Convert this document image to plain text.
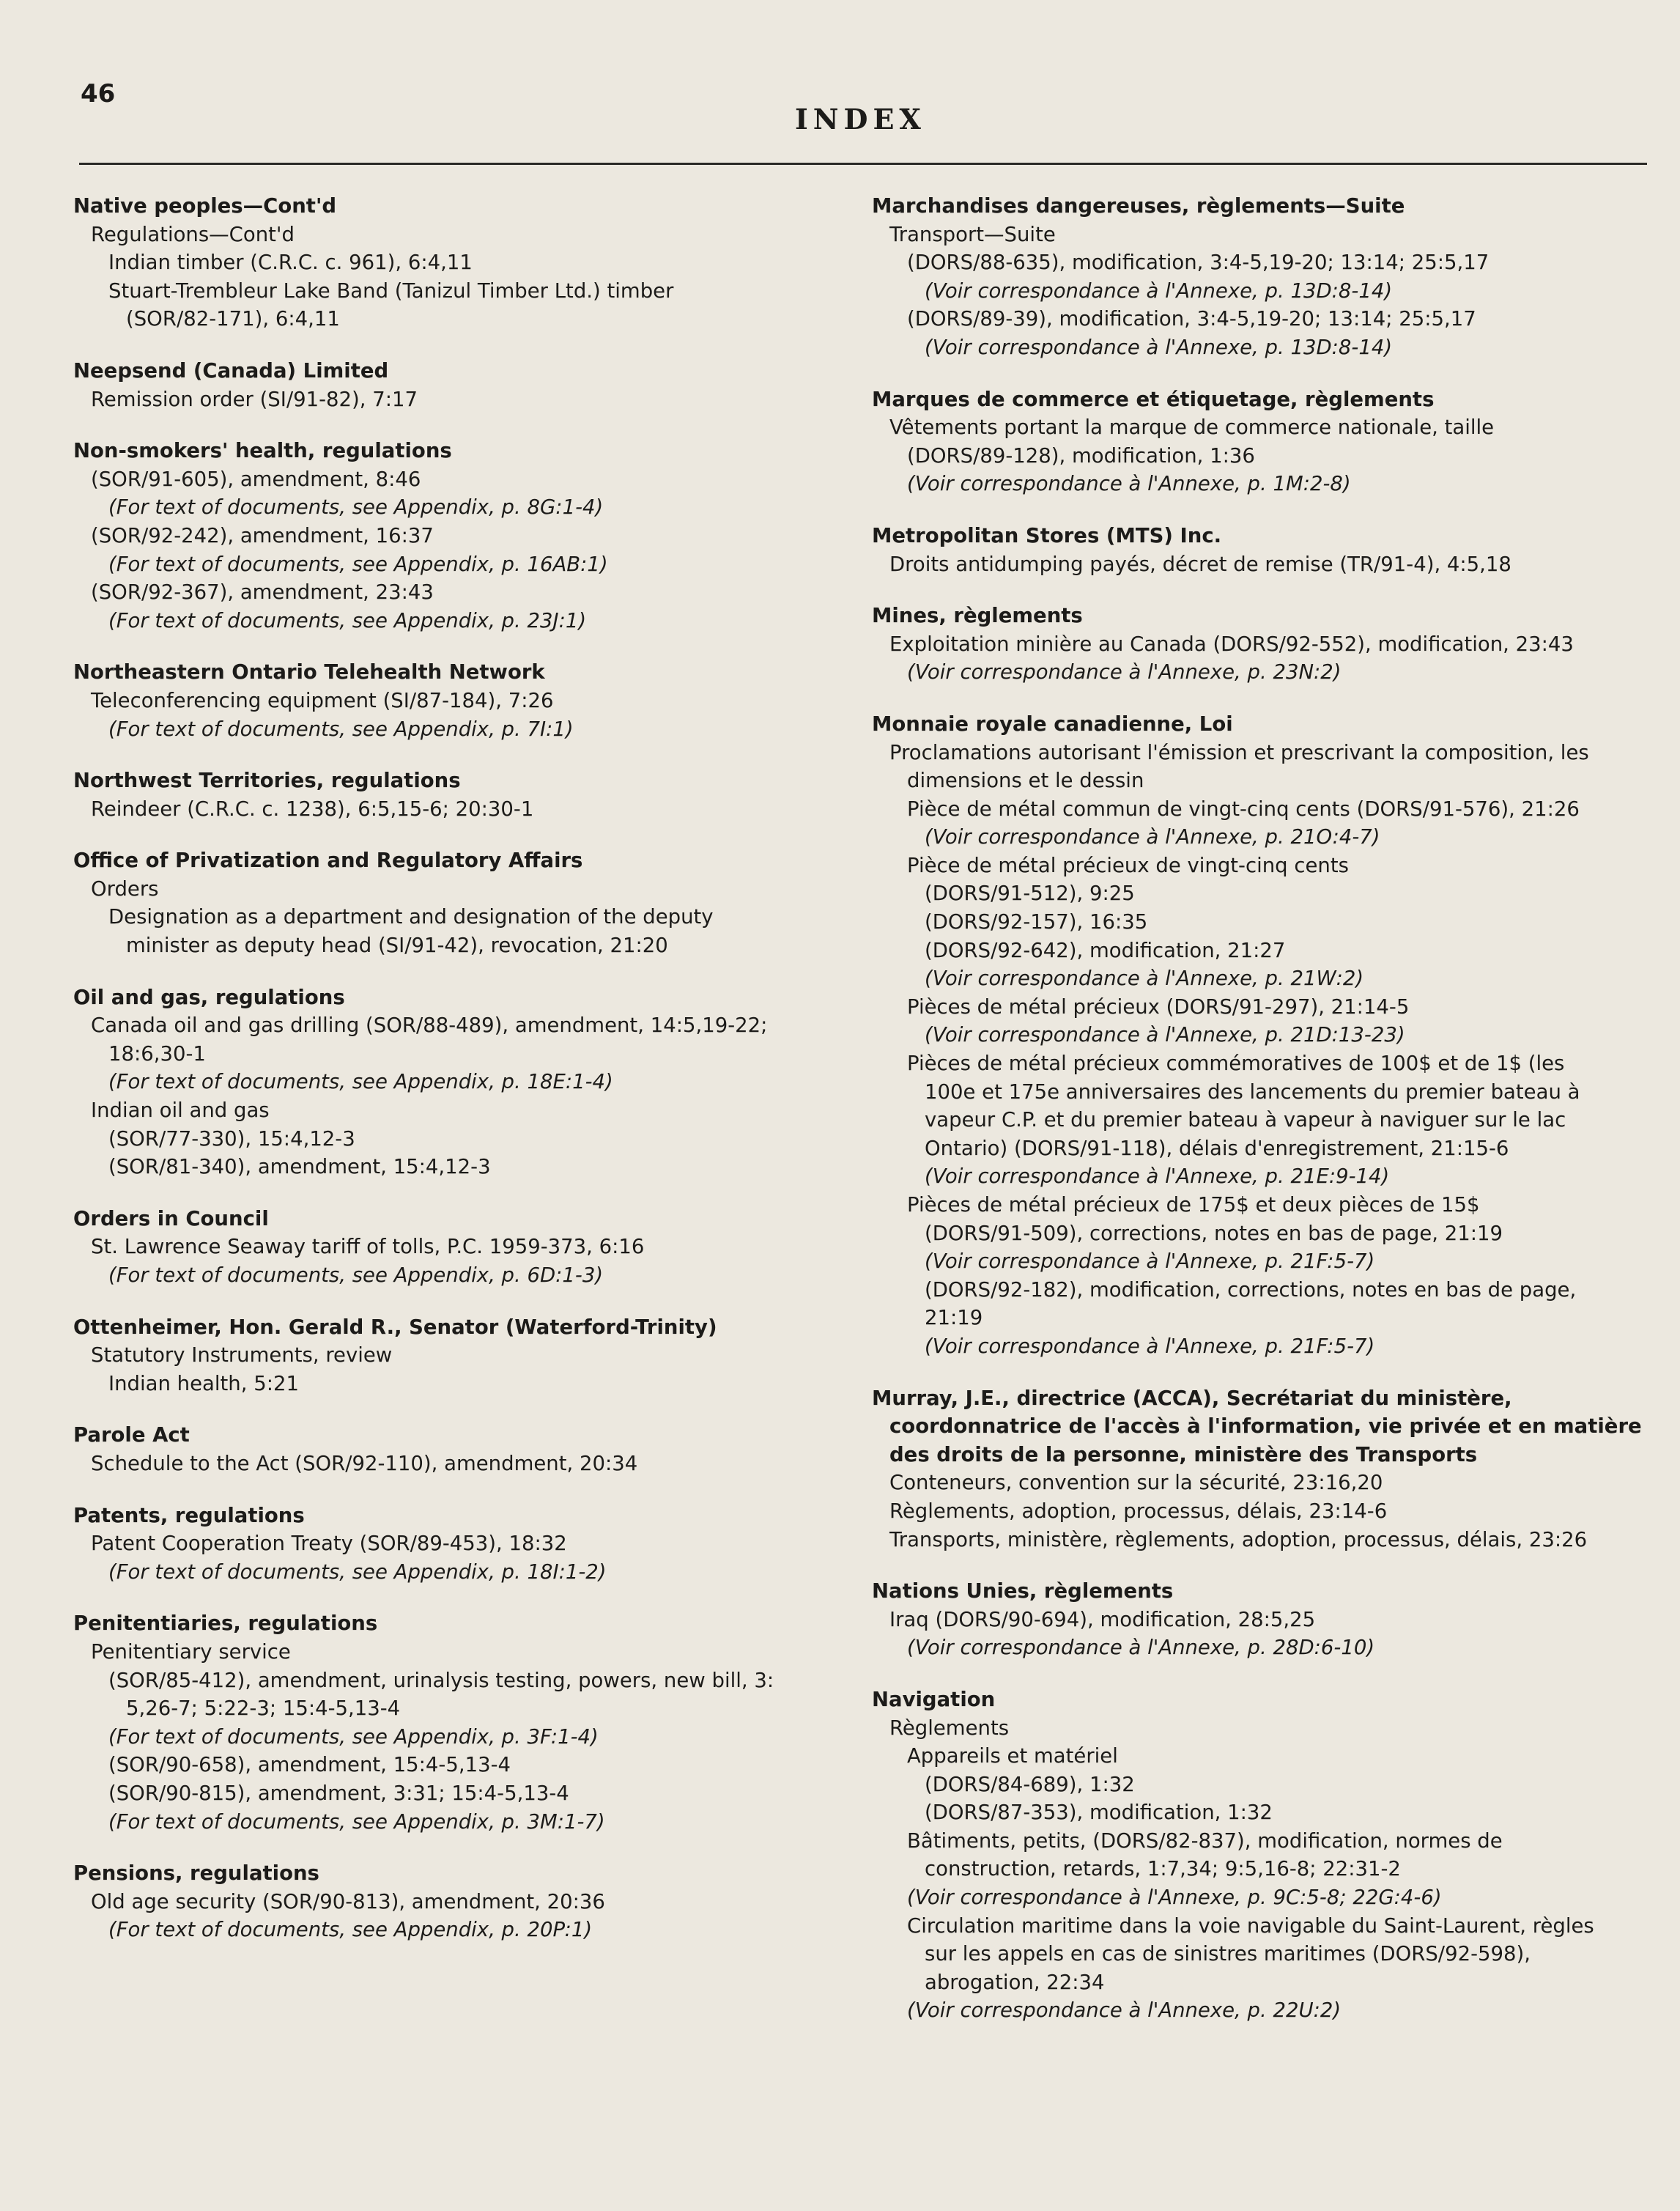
46
INDEX
Native peoples—Cont'd
Regulations—Cont'd
Indian timber (C.R.C. c. 961), 6:4,11
Stuart-Trembleur Lake Band (Tanizul Timber Ltd.) timber
(SOR/82-171), 6:4,11
Neepsend (Canada) Limited
Remission order (SI/91-82), 7:17
Non-smokers' health, regulations
(SOR/91-605), amendment, 8:46
(For text of documents, see Appendix, p. 8G:1-4)
(SOR/92-242), amendment, 16:37
(For text of documents, see Appendix, p. 16AB:1)
(SOR/92-367), amendment, 23:43
(For text of documents, see Appendix, p. 23J:1)
Northeastern Ontario Telehealth Network
Teleconferencing equipment (SI/87-184), 7:26
(For text of documents, see Appendix, p. 7I:1)
Northwest Territories, regulations
Reindeer (C.R.C. c. 1238), 6:5,15-6; 20:30-1
Office of Privatization and Regulatory Affairs
Orders
Designation as a department and designation of the deputy
minister as deputy head (SI/91-42), revocation, 21:20
Oil and gas, regulations
Canada oil and gas drilling (SOR/88-489), amendment, 14:5,19-22;
18:6,30-1
(For text of documents, see Appendix, p. 18E:1-4)
Indian oil and gas
(SOR/77-330), 15:4,12-3
(SOR/81-340), amendment, 15:4,12-3
Orders in Council
St. Lawrence Seaway tariff of tolls, P.C. 1959-373, 6:16
(For text of documents, see Appendix, p. 6D:1-3)
Ottenheimer, Hon. Gerald R., Senator (Waterford-Trinity)
Statutory Instruments, review
Indian health, 5:21
Parole Act
Schedule to the Act (SOR/92-110), amendment, 20:34
Patents, regulations
Patent Cooperation Treaty (SOR/89-453), 18:32
(For text of documents, see Appendix, p. 18I:1-2)
Penitentiaries, regulations
Penitentiary service
(SOR/85-412), amendment, urinalysis testing, powers, new bill, 3:
5,26-7; 5:22-3; 15:4-5,13-4
(For text of documents, see Appendix, p. 3F:1-4)
(SOR/90-658), amendment, 15:4-5,13-4
(SOR/90-815), amendment, 3:31; 15:4-5,13-4
(For text of documents, see Appendix, p. 3M:1-7)
Pensions, regulations
Old age security (SOR/90-813), amendment, 20:36
(For text of documents, see Appendix, p. 20P:1)
Marchandises dangereuses, règlements—Suite
Transport—Suite
(DORS/88-635), modification, 3:4-5,19-20; 13:14; 25:5,17
(Voir correspondance à l'Annexe, p. 13D:8-14)
(DORS/89-39), modification, 3:4-5,19-20; 13:14; 25:5,17
(Voir correspondance à l'Annexe, p. 13D:8-14)
Marques de commerce et étiquetage, règlements
Vêtements portant la marque de commerce nationale, taille
(DORS/89-128), modification, 1:36
(Voir correspondance à l'Annexe, p. 1M:2-8)
Metropolitan Stores (MTS) Inc.
Droits antidumping payés, décret de remise (TR/91-4), 4:5,18
Mines, règlements
Exploitation minière au Canada (DORS/92-552), modification, 23:43
(Voir correspondance à l'Annexe, p. 23N:2)
Monnaie royale canadienne, Loi
Proclamations autorisant l'émission et prescrivant la composition, les
dimensions et le dessin
Pièce de métal commun de vingt-cinq cents (DORS/91-576), 21:26
(Voir correspondance à l'Annexe, p. 21O:4-7)
Pièce de métal précieux de vingt-cinq cents
(DORS/91-512), 9:25
(DORS/92-157), 16:35
(DORS/92-642), modification, 21:27
(Voir correspondance à l'Annexe, p. 21W:2)
Pièces de métal précieux (DORS/91-297), 21:14-5
(Voir correspondance à l'Annexe, p. 21D:13-23)
Pièces de métal précieux commémoratives de 100$ et de 1$ (les
100e et 175e anniversaires des lancements du premier bateau à
vapeur C.P. et du premier bateau à vapeur à naviguer sur le lac
Ontario) (DORS/91-118), délais d'enregistrement, 21:15-6
(Voir correspondance à l'Annexe, p. 21E:9-14)
Pièces de métal précieux de 175$ et deux pièces de 15$
(DORS/91-509), corrections, notes en bas de page, 21:19
(Voir correspondance à l'Annexe, p. 21F:5-7)
(DORS/92-182), modification, corrections, notes en bas de page,
21:19
(Voir correspondance à l'Annexe, p. 21F:5-7)
Murray, J.E., directrice (ACCA), Secrétariat du ministère,
coordonnatrice de l'accès à l'information, vie privée et en matière
des droits de la personne, ministère des Transports
Conteneurs, convention sur la sécurité, 23:16,20
Règlements, adoption, processus, délais, 23:14-6
Transports, ministère, règlements, adoption, processus, délais, 23:26
Nations Unies, règlements
Iraq (DORS/90-694), modification, 28:5,25
(Voir correspondance à l'Annexe, p. 28D:6-10)
Navigation
Règlements
Appareils et matériel
(DORS/84-689), 1:32
(DORS/87-353), modification, 1:32
Bâtiments, petits, (DORS/82-837), modification, normes de
construction, retards, 1:7,34; 9:5,16-8; 22:31-2
(Voir correspondance à l'Annexe, p. 9C:5-8; 22G:4-6)
Circulation maritime dans la voie navigable du Saint-Laurent, règles
sur les appels en cas de sinistres maritimes (DORS/92-598),
abrogation, 22:34
(Voir correspondance à l'Annexe, p. 22U:2)
